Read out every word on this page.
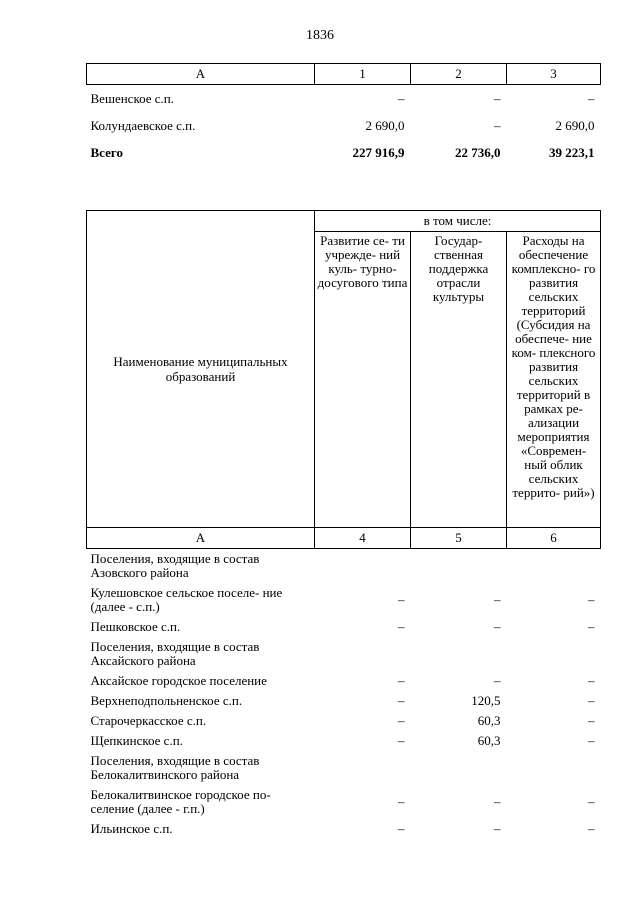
1836
А	1	2	3
Вешенское с.п.	–	–	–
Колундаевское с.п.	2 690,0	–	2 690,0
Всего	227 916,9	22 736,0	39 223,1
Наименование муниципальных образований	в том числе:		
	Развитие се- ти учрежде- ний куль- турно- досугового типа	Государ- ственная поддержка отрасли культуры	Расходы на обеспечение комплексно- го развития сельских территорий (Субсидия на обеспече- ние ком- плексного развития сельских территорий в рамках ре- ализации мероприятия «Современ- ный облик сельских террито- рий»)
А	4	5	6
Поселения, входящие в состав Азовского района			
Кулешовское сельское поселе- ние (далее - с.п.)	–	–	–
Пешковское с.п.	–	–	–
Поселения, входящие в состав Аксайского района			
Аксайское городское поселение	–	–	–
Верхнеподпольненское с.п.	–	120,5	–
Старочеркасское с.п.	–	60,3	–
Щепкинское с.п.	–	60,3	–
Поселения, входящие в состав Белокалитвинского района			
Белокалитвинское городское по- селение (далее - г.п.)	–	–	–
Ильинское с.п.	–	–	–
